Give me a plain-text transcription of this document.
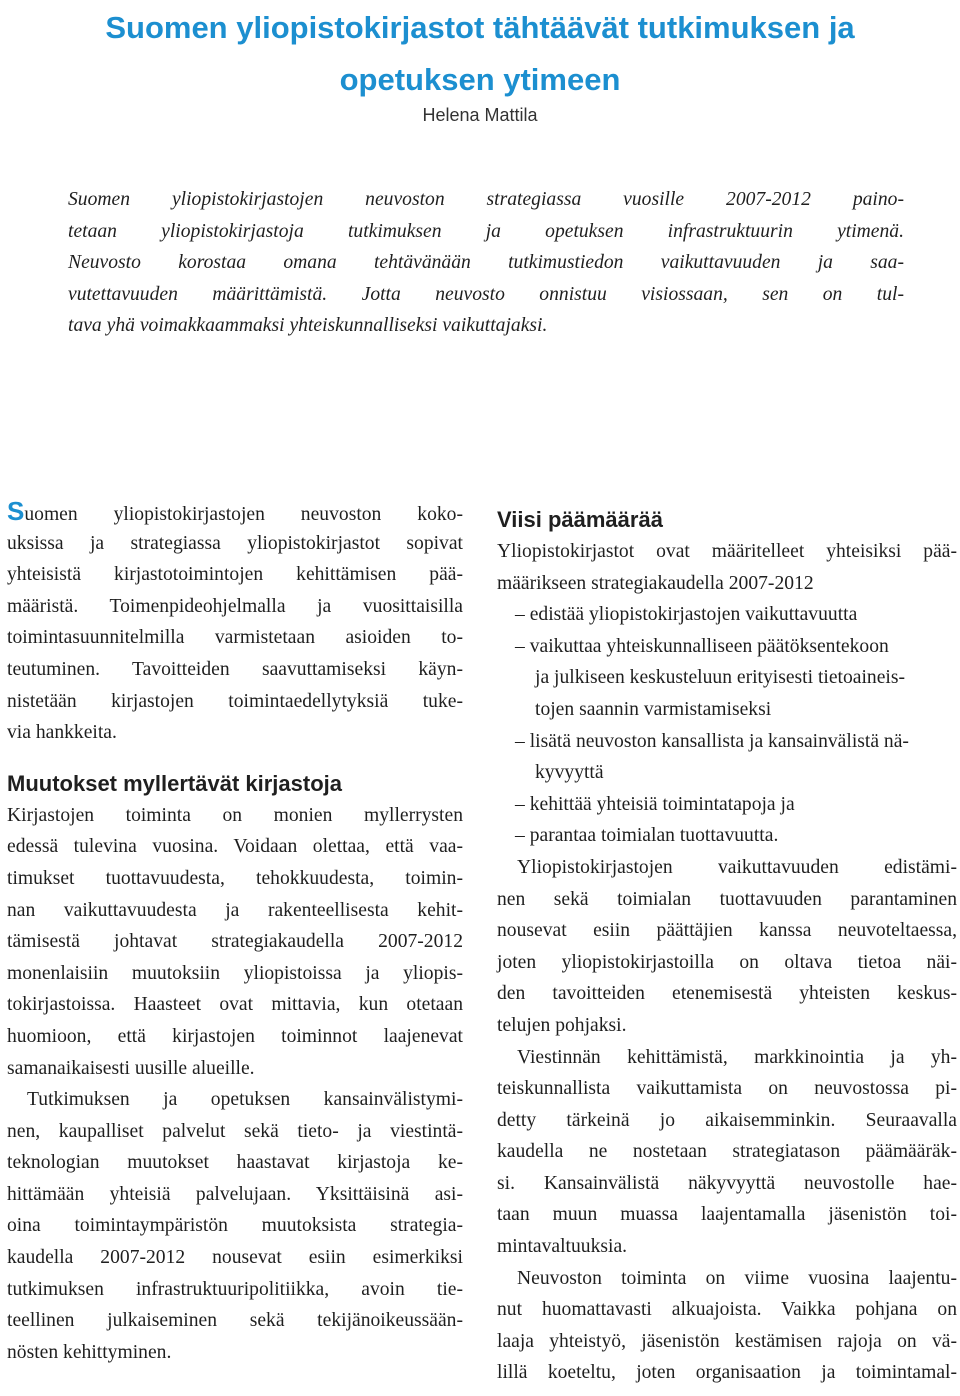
Suomen yliopistokirjastot tähtäävät tutkimuksen ja
opetuksen ytimeen
Helena Mattila
Suomen yliopistokirjastojen neuvoston strategiassa vuosille 2007-2012 paino-
tetaan yliopistokirjastoja tutkimuksen ja opetuksen infrastruktuurin ytimenä.
Neuvosto korostaa omana tehtävänään tutkimustiedon vaikuttavuuden ja saa-
vutettavuuden määrittämistä. Jotta neuvosto onnistuu visiossaan, sen on tul-
tava yhä voimakkaammaksi yhteiskunnalliseksi vaikuttajaksi.
Suomen yliopistokirjastojen neuvoston koko-
uksissa ja strategiassa yliopistokirjastot sopivat
yhteisistä kirjastotoimintojen kehittämisen pää-
määristä. Toimenpideohjelmalla ja vuosittaisilla
toimintasuunnitelmilla varmistetaan asioiden to-
teutuminen. Tavoitteiden saavuttamiseksi käyn-
nistetään kirjastojen toimintaedellytyksiä tuke-
via hankkeita.
Muutokset myllertävät kirjastoja
Kirjastojen toiminta on monien myllerrysten
edessä tulevina vuosina. Voidaan olettaa, että vaa-
timukset tuottavuudesta, tehokkuudesta, toimin-
nan vaikuttavuudesta ja rakenteellisesta kehit-
tämisestä johtavat strategiakaudella 2007-2012
monenlaisiin muutoksiin yliopistoissa ja yliopis-
tokirjastoissa. Haasteet ovat mittavia, kun otetaan
huomioon, että kirjastojen toiminnot laajenevat
samanaikaisesti uusille alueille.
Tutkimuksen ja opetuksen kansainvälistymi-
nen, kaupalliset palvelut sekä tieto- ja viestintä-
teknologian muutokset haastavat kirjastoja ke-
hittämään yhteisiä palvelujaan. Yksittäisinä asi-
oina toimintaympäristön muutoksista strategia-
kaudella 2007-2012 nousevat esiin esimerkiksi
tutkimuksen infrastruktuuripolitiikka, avoin tie-
teellinen julkaiseminen sekä tekijänoikeussään-
nösten kehittyminen.
Viisi päämäärää
Yliopistokirjastot ovat määritelleet yhteisiksi pää-
määrikseen strategiakaudella 2007-2012
– edistää yliopistokirjastojen vaikuttavuutta
– vaikuttaa yhteiskunnalliseen päätöksentekoon
ja julkiseen keskusteluun erityisesti tietoaineis-
tojen saannin varmistamiseksi
– lisätä neuvoston kansallista ja kansainvälistä nä-
kyvyyttä
– kehittää yhteisiä toimintatapoja ja
– parantaa toimialan tuottavuutta.
Yliopistokirjastojen vaikuttavuuden edistämi-
nen sekä toimialan tuottavuuden parantaminen
nousevat esiin päättäjien kanssa neuvoteltaessa,
joten yliopistokirjastoilla on oltava tietoa näi-
den tavoitteiden etenemisestä yhteisten keskus-
telujen pohjaksi.
Viestinnän kehittämistä, markkinointia ja yh-
teiskunnallista vaikuttamista on neuvostossa pi-
detty tärkeinä jo aikaisemminkin. Seuraavalla
kaudella ne nostetaan strategiatason päämääräk-
si. Kansainvälistä näkyvyyttä neuvostolle hae-
taan muun muassa laajentamalla jäsenistön toi-
mintavaltuuksia.
Neuvoston toiminta on viime vuosina laajentu-
nut huomattavasti alkuajoista. Vaikka pohjana on
laaja yhteistyö, jäsenistön kestämisen rajoja on vä-
lillä koeteltu, joten organisaation ja toimintamal-
